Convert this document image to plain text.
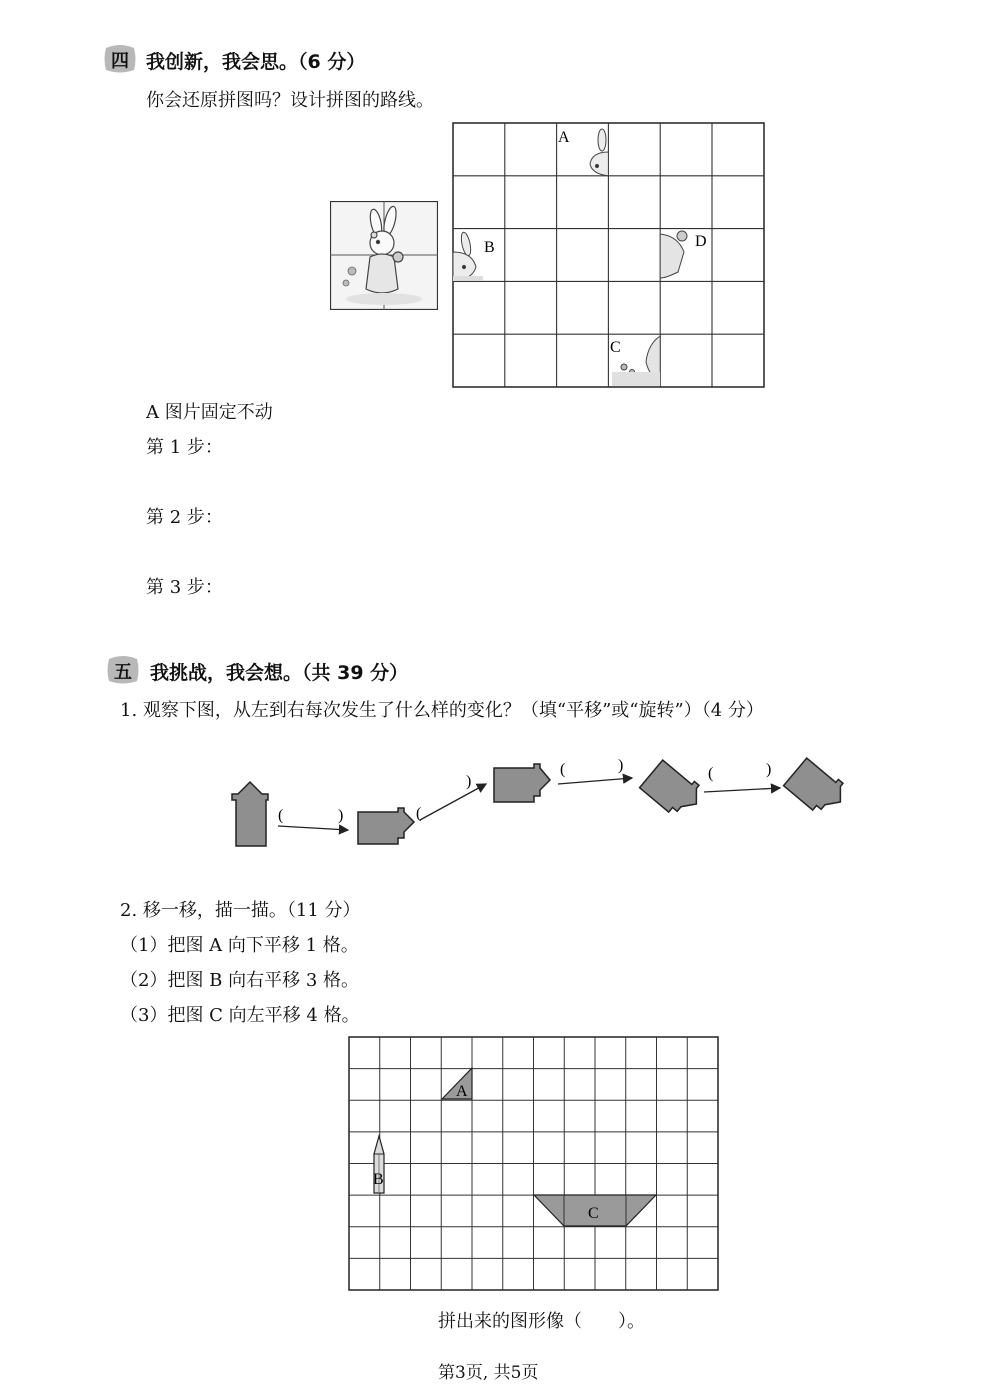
四 我创新，我会思。（6 分）
你会还原拼图吗？设计拼图的路线。
A
B	D
C
A 图片固定不动
第 1 步：
第 2 步：
第 3 步：
五 我挑战，我会想。（共 39 分）
1. 观察下图，从左到右每次发生了什么样的变化？（填“平移”或“旋转”）（4 分）
(	)	(
)
(	)	(	)
2. 移一移，描一描。（11 分）
（1）把图 A 向下平移 1 格。
（2）把图 B 向右平移 3 格。
（3）把图 C 向左平移 4 格。
A
B
C
拼出来的图形像（　　）。
第3页, 共5页
